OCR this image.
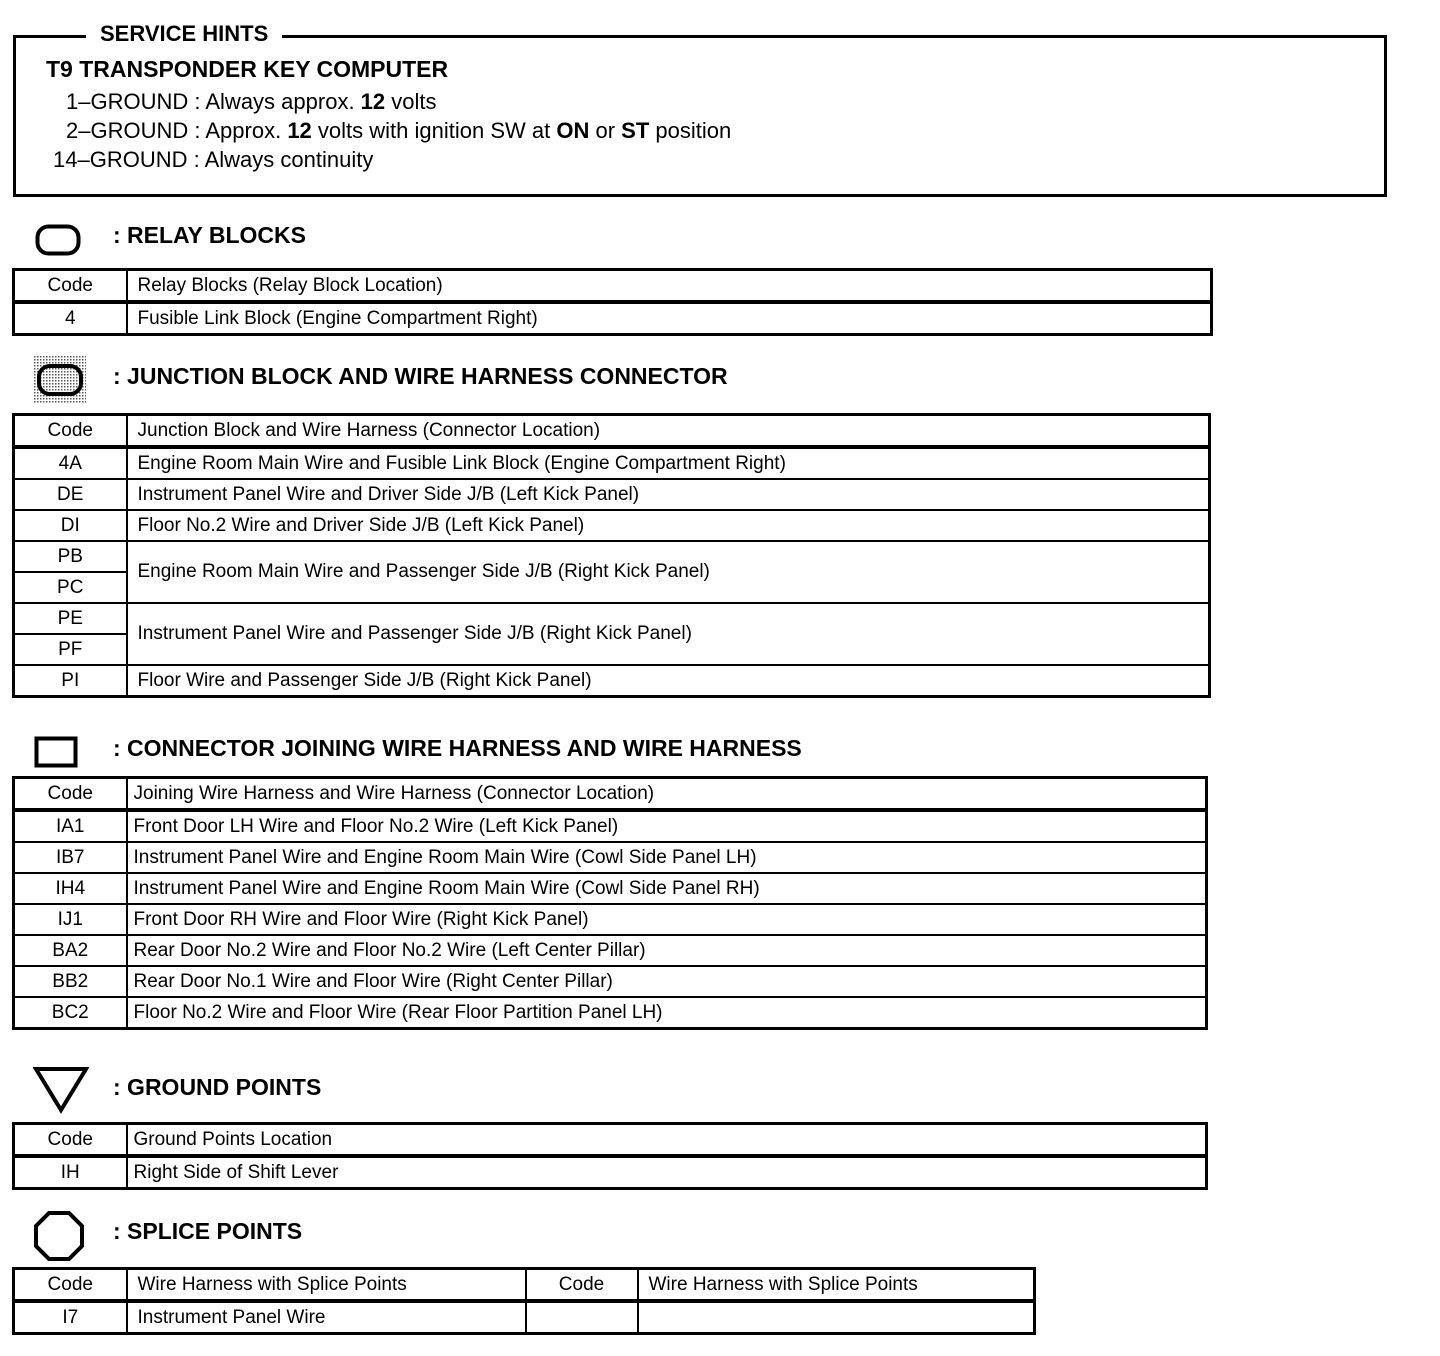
SERVICE HINTS
T9 TRANSPONDER KEY COMPUTER
1–GROUND : Always approx. 12 volts
2–GROUND : Approx. 12 volts with ignition SW at ON or ST position
14–GROUND : Always continuity
: RELAY BLOCKS
Code	Relay Blocks (Relay Block Location)
4	Fusible Link Block (Engine Compartment Right)
: JUNCTION BLOCK AND WIRE HARNESS CONNECTOR
Code	Junction Block and Wire Harness (Connector Location)
4A	Engine Room Main Wire and Fusible Link Block (Engine Compartment Right)
DE	Instrument Panel Wire and Driver Side J/B (Left Kick Panel)
DI	Floor No.2 Wire and Driver Side J/B (Left Kick Panel)
PB	Engine Room Main Wire and Passenger Side J/B (Right Kick Panel)
PC	
PE	Instrument Panel Wire and Passenger Side J/B (Right Kick Panel)
PF	
PI	Floor Wire and Passenger Side J/B (Right Kick Panel)
: CONNECTOR JOINING WIRE HARNESS AND WIRE HARNESS
Code	Joining Wire Harness and Wire Harness (Connector Location)
IA1	Front Door LH Wire and Floor No.2 Wire (Left Kick Panel)
IB7	Instrument Panel Wire and Engine Room Main Wire (Cowl Side Panel LH)
IH4	Instrument Panel Wire and Engine Room Main Wire (Cowl Side Panel RH)
IJ1	Front Door RH Wire and Floor Wire (Right Kick Panel)
BA2	Rear Door No.2 Wire and Floor No.2 Wire (Left Center Pillar)
BB2	Rear Door No.1 Wire and Floor Wire (Right Center Pillar)
BC2	Floor No.2 Wire and Floor Wire (Rear Floor Partition Panel LH)
: GROUND POINTS
Code	Ground Points Location
IH	Right Side of Shift Lever
: SPLICE POINTS
Code	Wire Harness with Splice Points	Code	Wire Harness with Splice Points
I7	Instrument Panel Wire		
